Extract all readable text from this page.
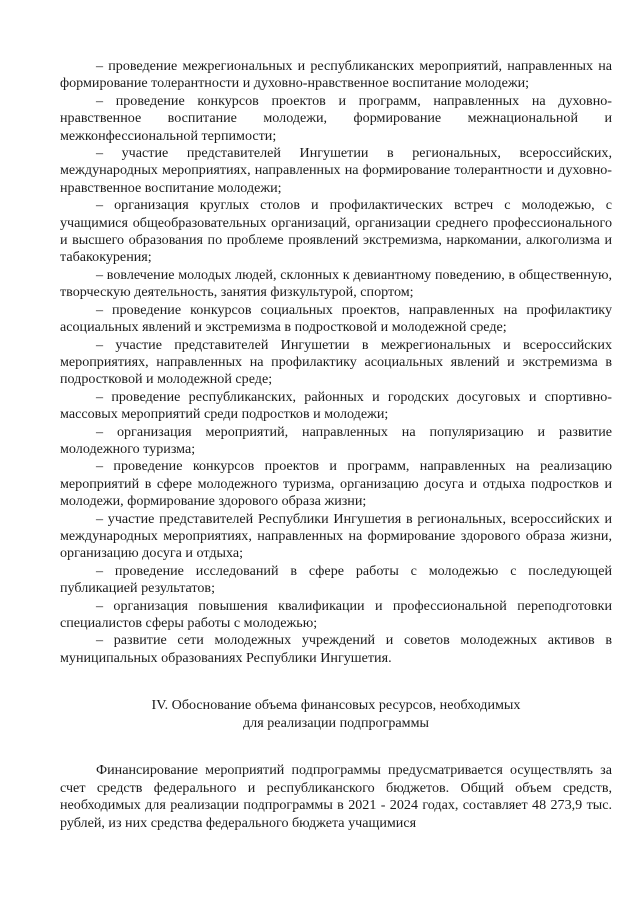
– проведение межрегиональных и республиканских мероприятий, направленных на формирование толерантности и духовно-нравственное воспитание молодежи;

– проведение конкурсов проектов и программ, направленных на духовно-нравственное воспитание молодежи, формирование межнациональной и межконфессиональной терпимости;

– участие представителей Ингушетии в региональных, всероссийских, международных мероприятиях, направленных на формирование толерантности и духовно-нравственное воспитание молодежи;

– организация круглых столов и профилактических встреч с молодежью, с учащимися общеобразовательных организаций, организации среднего профессионального и высшего образования по проблеме проявлений экстремизма, наркомании, алкоголизма и табакокурения;

– вовлечение молодых людей, склонных к девиантному поведению, в общественную, творческую деятельность, занятия физкультурой, спортом;

– проведение конкурсов социальных проектов, направленных на профилактику асоциальных явлений и экстремизма в подростковой и молодежной среде;

– участие представителей Ингушетии в межрегиональных и всероссийских мероприятиях, направленных на профилактику асоциальных явлений и экстремизма в подростковой и молодежной среде;

– проведение республиканских, районных и городских досуговых и спортивно-массовых мероприятий среди подростков и молодежи;

– организация мероприятий, направленных на популяризацию и развитие молодежного туризма;

– проведение конкурсов проектов и программ, направленных на реализацию мероприятий в сфере молодежного туризма, организацию досуга и отдыха подростков и молодежи, формирование здорового образа жизни;

– участие представителей Республики Ингушетия в региональных, всероссийских и международных мероприятиях, направленных на формирование здорового образа жизни, организацию досуга и отдыха;

– проведение исследований в сфере работы с молодежью с последующей публикацией результатов;

– организация повышения квалификации и профессиональной переподготовки специалистов сферы работы с молодежью;

– развитие сети молодежных учреждений и советов молодежных активов в муниципальных образованиях Республики Ингушетия.

IV. Обоснование объема финансовых ресурсов, необходимых
для реализации подпрограммы

Финансирование мероприятий подпрограммы предусматривается осуществлять за счет средств федерального и республиканского бюджетов. Общий объем средств, необходимых для реализации подпрограммы в 2021 - 2024 годах, составляет 48 273,9 тыс. рублей, из них средства федерального бюджета учащимися
